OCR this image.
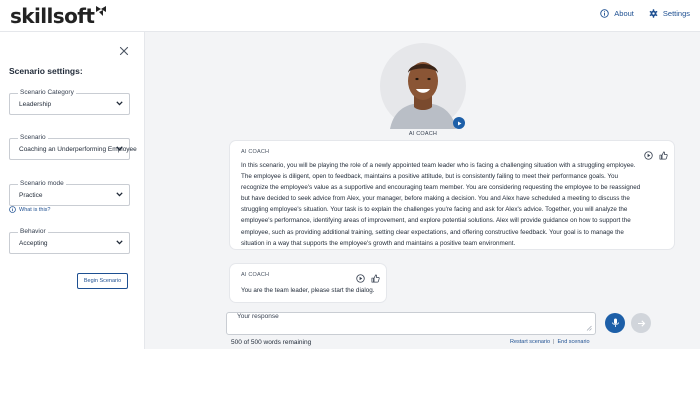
skillsoft	About	Settings
Scenario settings:
Scenario Category
Leadership
Scenario
Coaching an Underperforming Employee
Scenario mode
Practice
What is this?
Behavior
Accepting
Begin Scenario
AI COACH
AI COACH
In this scenario, you will be playing the role of a newly appointed team leader who is facing a challenging situation with a struggling employee.
The employee is diligent, open to feedback, maintains a positive attitude, but is consistently failing to meet their performance goals. You
recognize the employee's value as a supportive and encouraging team member. You are considering requesting the employee to be reassigned
but have decided to seek advice from Alex, your manager, before making a decision. You and Alex have scheduled a meeting to discuss the
struggling employee's situation. Your task is to explain the challenges you're facing and ask for Alex's advice. Together, you will analyze the
employee's performance, identifying areas of improvement, and explore potential solutions. Alex will provide guidance on how to support the
employee, such as providing additional training, setting clear expectations, and offering constructive feedback. Your goal is to manage the
situation in a way that supports the employee's growth and maintains a positive team environment.
AI COACH
You are the team leader, please start the dialog.
Your response
500 of 500 words remaining	Restart scenario | End scenario
